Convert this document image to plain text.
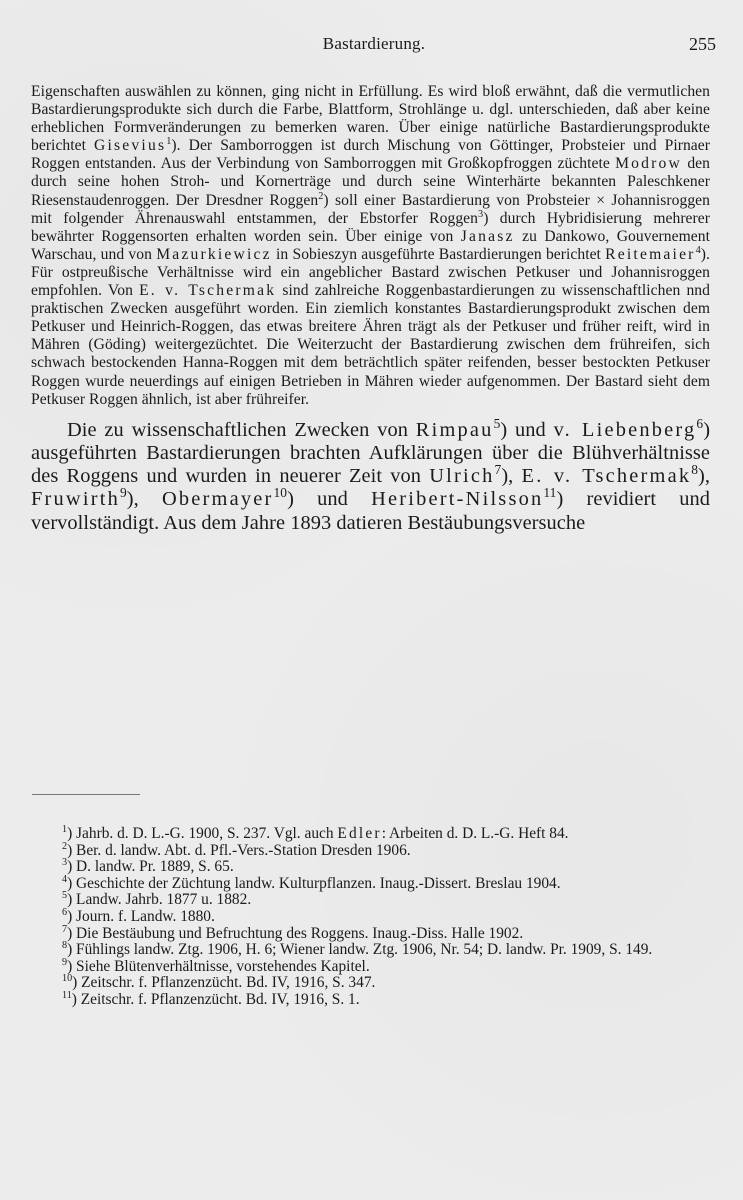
Bastardierung.	255

Eigenschaften auswählen zu können, ging nicht in Erfüllung. Es wird bloß erwähnt, daß die vermutlichen Bastardierungsprodukte sich durch die Farbe, Blattform, Strohlänge u. dgl. unterschieden, daß aber keine erheblichen Formveränderungen zu bemerken waren. Über einige natürliche Bastardierungsprodukte berichtet Gisevius$^1$). Der Samborroggen ist durch Mischung von Göttinger, Probsteier und Pirnaer Roggen entstanden. Aus der Verbindung von Samborroggen mit Großkopfroggen züchtete Modrow den durch seine hohen Stroh- und Kornerträge und durch seine Winterhärte bekannten Paleschkener Riesenstaudenroggen. Der Dresdner Roggen$^2$) soll einer Bastardierung von Probsteier × Johannisroggen mit folgender Ährenauswahl entstammen, der Ebstorfer Roggen$^3$) durch Hybridisierung mehrerer bewährter Roggensorten erhalten worden sein. Über einige von Janasz zu Dankowo, Gouvernement Warschau, und von Mazurkiewicz in Sobieszyn ausgeführte Bastardierungen berichtet Reitemaier$^4$). Für ostpreußische Verhältnisse wird ein angeblicher Bastard zwischen Petkuser und Johannisroggen empfohlen. Von E. v. Tschermak sind zahlreiche Roggenbastardierungen zu wissenschaftlichen nnd praktischen Zwecken ausgeführt worden. Ein ziemlich konstantes Bastardierungsprodukt zwischen dem Petkuser und Heinrich-Roggen, das etwas breitere Ähren trägt als der Petkuser und früher reift, wird in Mähren (Göding) weitergezüchtet. Die Weiterzucht der Bastardierung zwischen dem frühreifen, sich schwach bestockenden Hanna-Roggen mit dem beträchtlich später reifenden, besser bestockten Petkuser Roggen wurde neuerdings auf einigen Betrieben in Mähren wieder aufgenommen. Der Bastard sieht dem Petkuser Roggen ähnlich, ist aber frühreifer.

Die zu wissenschaftlichen Zwecken von Rimpau$^5$) und v. Liebenberg$^6$) ausgeführten Bastardierungen brachten Aufklärungen über die Blühverhältnisse des Roggens und wurden in neuerer Zeit von Ulrich$^7$), E. v. Tschermak$^8$), Fruwirth$^9$), Obermayer$^{10}$) und Heribert-Nilsson$^{11}$) revidiert und vervollständigt. Aus dem Jahre 1893 datieren Bestäubungsversuche

$^1$) Jahrb. d. D. L.-G. 1900, S. 237. Vgl. auch Edler: Arbeiten d. D. L.-G. Heft 84.

$^2$) Ber. d. landw. Abt. d. Pfl.-Vers.-Station Dresden 1906.

$^3$) D. landw. Pr. 1889, S. 65.

$^4$) Geschichte der Züchtung landw. Kulturpflanzen. Inaug.-Dissert. Breslau 1904.

$^5$) Landw. Jahrb. 1877 u. 1882.

$^6$) Journ. f. Landw. 1880.

$^7$) Die Bestäubung und Befruchtung des Roggens. Inaug.-Diss. Halle 1902.

$^8$) Fühlings landw. Ztg. 1906, H. 6; Wiener landw. Ztg. 1906, Nr. 54; D. landw. Pr. 1909, S. 149.

$^9$) Siehe Blütenverhältnisse, vorstehendes Kapitel.

$^{10}$) Zeitschr. f. Pflanzenzücht. Bd. IV, 1916, S. 347.

$^{11}$) Zeitschr. f. Pflanzenzücht. Bd. IV, 1916, S. 1.
